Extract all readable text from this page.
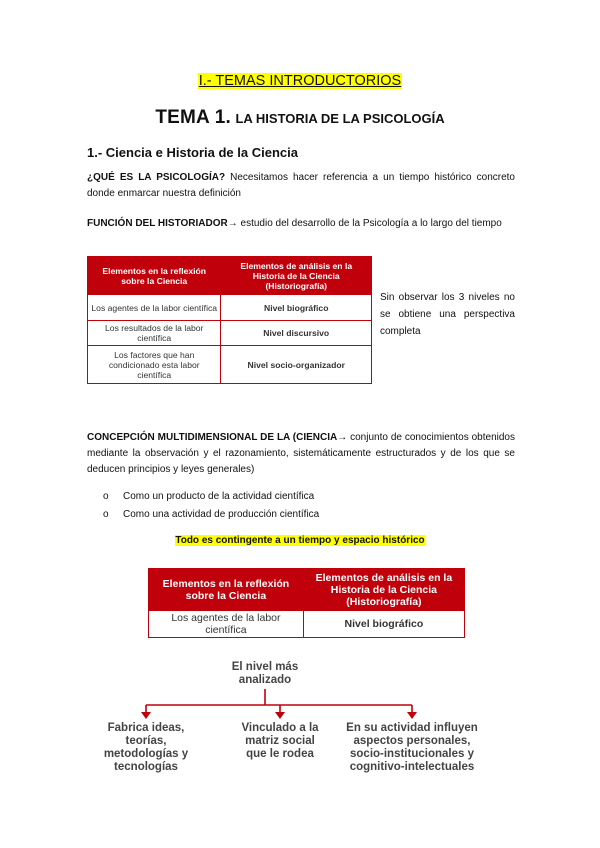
I.- TEMAS INTRODUCTORIOS
TEMA 1. LA HISTORIA DE LA PSICOLOGÍA
1.- Ciencia e Historia de la Ciencia
¿QUÉ ES LA PSICOLOGÍA? Necesitamos hacer referencia a un tiempo histórico concreto donde enmarcar nuestra definición
FUNCIÓN DEL HISTORIADOR→ estudio del desarrollo de la Psicología a lo largo del tiempo
Elementos en la reflexión sobre la Ciencia	Elementos de análisis en la Historia de la Ciencia (Historiografía)
Los agentes de la labor científica	Nivel biográfico
Los resultados de la labor científica	Nivel discursivo
Los factores que han condicionado esta labor científica	Nivel socio-organizador
Sin observar los 3 niveles no se obtiene una perspectiva completa
CONCEPCIÓN MULTIDIMENSIONAL DE LA (CIENCIA→ conjunto de conocimientos obtenidos mediante la observación y el razonamiento, sistemáticamente estructurados y de los que se deducen principios y leyes generales)
o Como un producto de la actividad científica
o Como una actividad de producción científica
Todo es contingente a un tiempo y espacio histórico
Elementos en la reflexión sobre la Ciencia	Elementos de análisis en la Historia de la Ciencia (Historiografía)
Los agentes de la labor científica	Nivel biográfico
El nivel más analizado
Fabrica ideas, teorías, metodologías y tecnologías
Vinculado a la matriz social que le rodea
En su actividad influyen aspectos personales, socio-institucionales y cognitivo-intelectuales
